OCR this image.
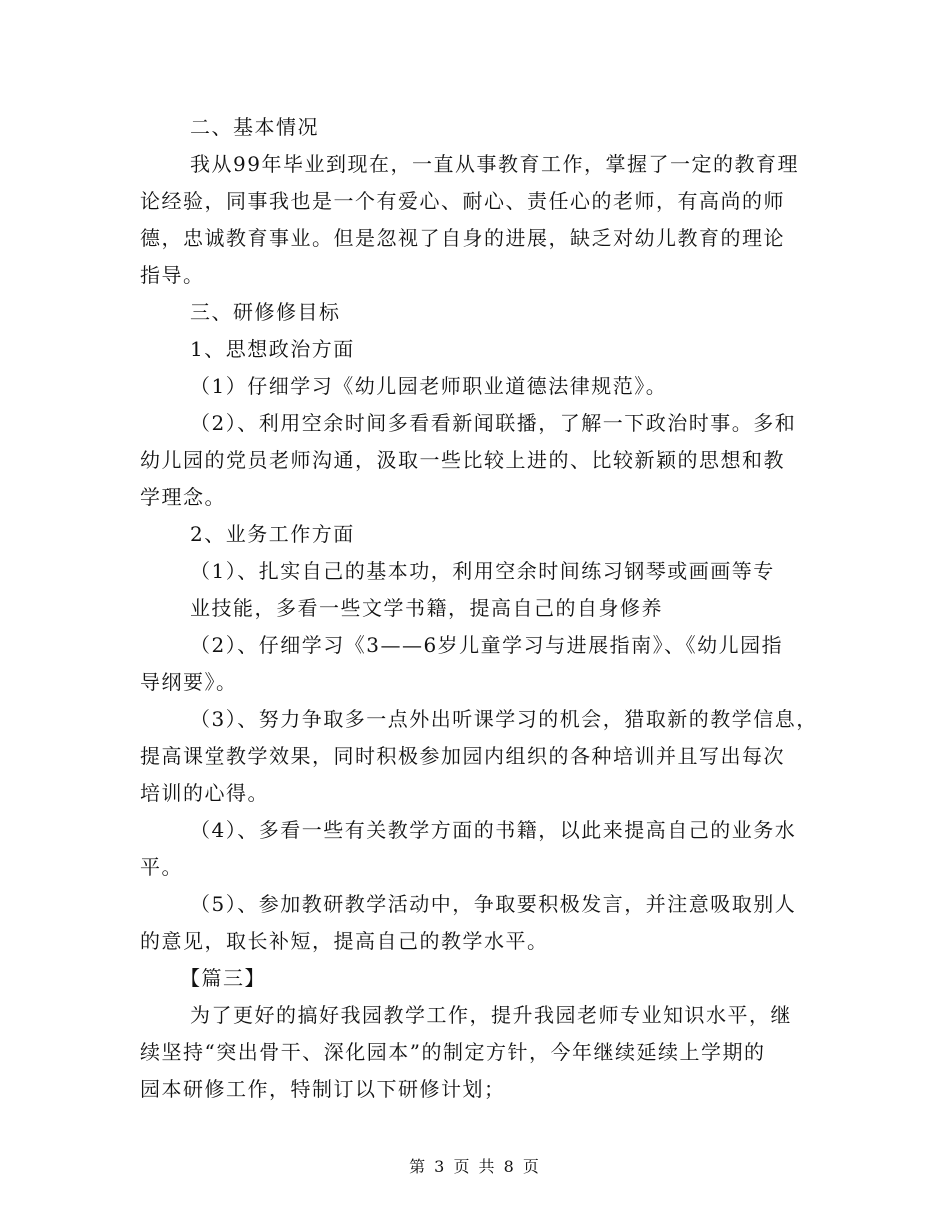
二、基本情况
我从99年毕业到现在，一直从事教育工作，掌握了一定的教育理
论经验，同事我也是一个有爱心、耐心、责任心的老师，有高尚的师
德，忠诚教育事业。但是忽视了自身的进展，缺乏对幼儿教育的理论
指导。
三、研修修目标
1、思想政治方面
（1）仔细学习《幼儿园老师职业道德法律规范》。
（2）、利用空余时间多看看新闻联播，了解一下政治时事。多和
幼儿园的党员老师沟通，汲取一些比较上进的、比较新颖的思想和教
学理念。
2、业务工作方面
（1）、扎实自己的基本功，利用空余时间练习钢琴或画画等专
业技能，多看一些文学书籍，提高自己的自身修养
（2）、仔细学习《3——6岁儿童学习与进展指南》、《幼儿园指
导纲要》。
（3）、努力争取多一点外出听课学习的机会，猎取新的教学信息，
提高课堂教学效果，同时积极参加园内组织的各种培训并且写出每次
培训的心得。
（4）、多看一些有关教学方面的书籍，以此来提高自己的业务水
平。
（5）、参加教研教学活动中，争取要积极发言，并注意吸取别人
的意见，取长补短，提高自己的教学水平。
【篇三】
为了更好的搞好我园教学工作，提升我园老师专业知识水平，继
续坚持“突出骨干、深化园本”的制定方针，今年继续延续上学期的
园本研修工作，特制订以下研修计划；
第 3 页 共 8 页
